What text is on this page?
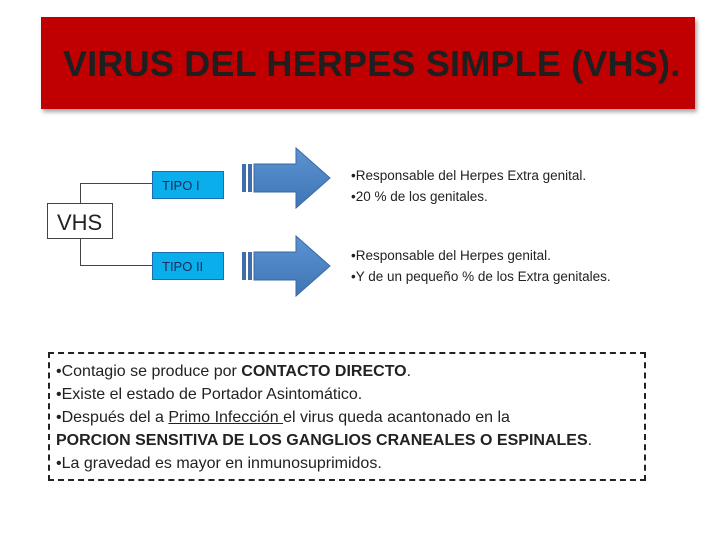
VIRUS DEL HERPES SIMPLE (VHS).
VHS
TIPO I
TIPO II
•Responsable del Herpes Extra genital.
•20 % de los genitales.
•Responsable del Herpes genital.
•Y de un pequeño % de los Extra genitales.
•Contagio se produce por CONTACTO DIRECTO.
•Existe el estado de Portador Asintomático.
•Después del a Primo Infección el virus queda acantonado en la
PORCION SENSITIVA DE LOS GANGLIOS CRANEALES O ESPINALES.
•La gravedad es mayor en inmunosuprimidos.
